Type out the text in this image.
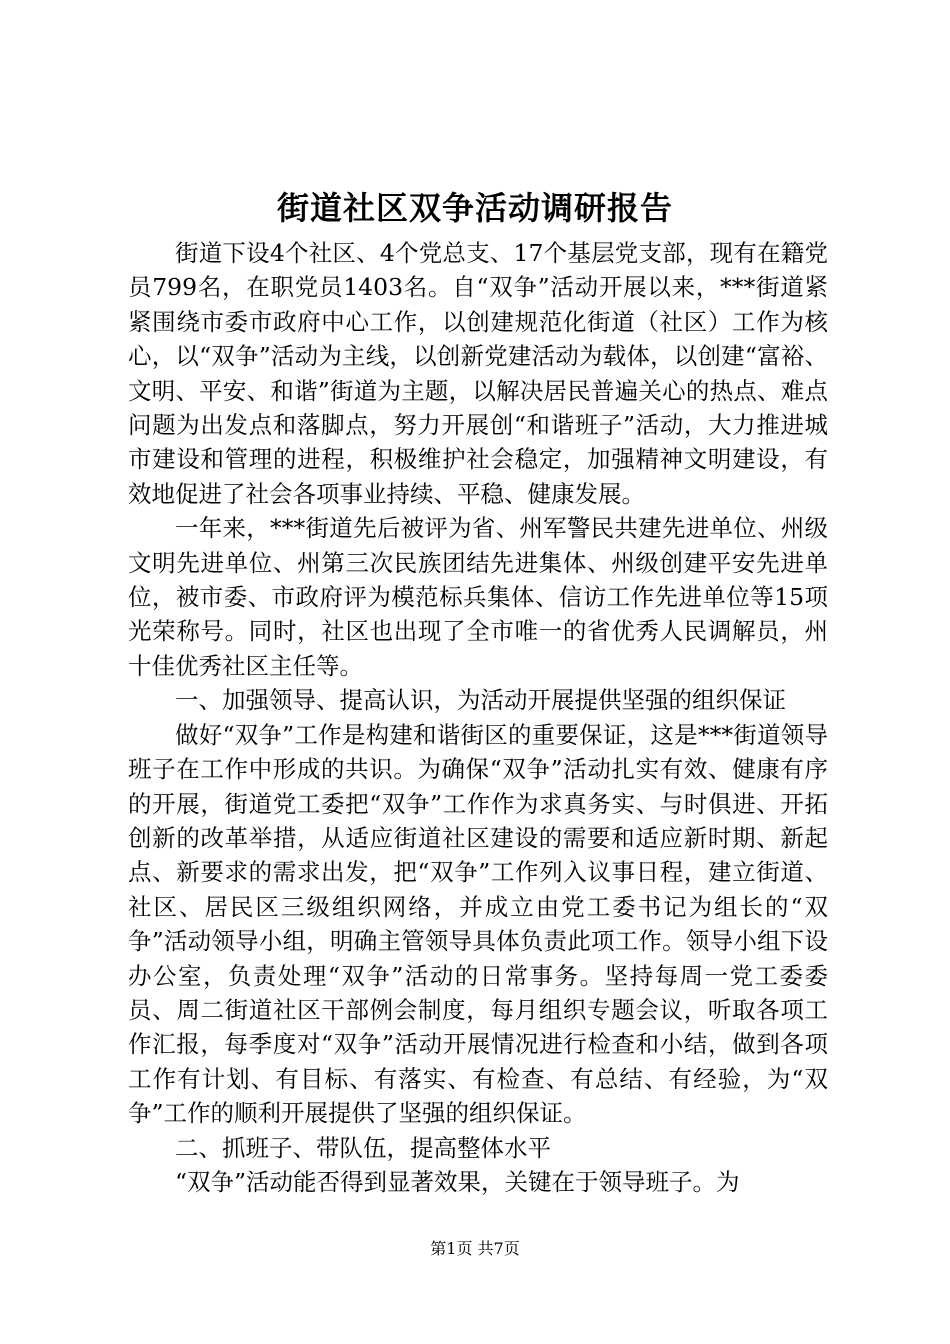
街道社区双争活动调研报告

街道下设4个社区、4个党总支、17个基层党支部，现有在籍党员799名，在职党员1403名。自“双争”活动开展以来，***街道紧紧围绕市委市政府中心工作，以创建规范化街道（社区）工作为核心，以“双争”活动为主线，以创新党建活动为载体，以创建“富裕、文明、平安、和谐”街道为主题，以解决居民普遍关心的热点、难点问题为出发点和落脚点，努力开展创“和谐班子”活动，大力推进城市建设和管理的进程，积极维护社会稳定，加强精神文明建设，有效地促进了社会各项事业持续、平稳、健康发展。

一年来，***街道先后被评为省、州军警民共建先进单位、州级文明先进单位、州第三次民族团结先进集体、州级创建平安先进单位，被市委、市政府评为模范标兵集体、信访工作先进单位等15项光荣称号。同时，社区也出现了全市唯一的省优秀人民调解员，州十佳优秀社区主任等。

一、加强领导、提高认识，为活动开展提供坚强的组织保证

做好“双争”工作是构建和谐街区的重要保证，这是***街道领导班子在工作中形成的共识。为确保“双争”活动扎实有效、健康有序的开展，街道党工委把“双争”工作作为求真务实、与时俱进、开拓创新的改革举措，从适应街道社区建设的需要和适应新时期、新起点、新要求的需求出发，把“双争”工作列入议事日程，建立街道、社区、居民区三级组织网络，并成立由党工委书记为组长的“双争”活动领导小组，明确主管领导具体负责此项工作。领导小组下设办公室，负责处理“双争”活动的日常事务。坚持每周一党工委委员、周二街道社区干部例会制度，每月组织专题会议，听取各项工作汇报，每季度对“双争”活动开展情况进行检查和小结，做到各项工作有计划、有目标、有落实、有检查、有总结、有经验，为“双争”工作的顺利开展提供了坚强的组织保证。

二、抓班子、带队伍，提高整体水平

“双争”活动能否得到显著效果，关键在于领导班子。为

第1页 共7页
